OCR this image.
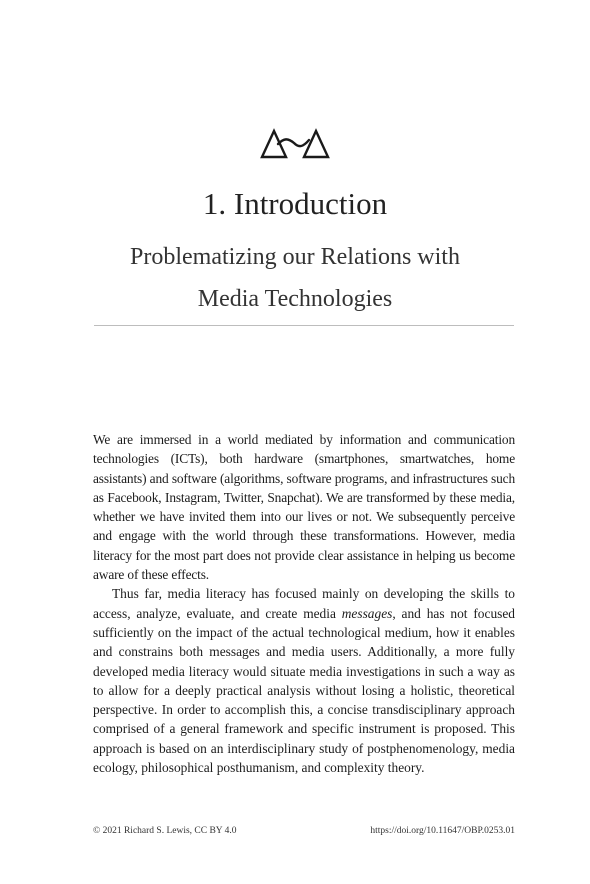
1. Introduction
Problematizing our Relations with
Media Technologies

We are immersed in a world mediated by information and communication technologies (ICTs), both hardware (smartphones, smartwatches, home assistants) and software (algorithms, software programs, and infrastructures such as Facebook, Instagram, Twitter, Snapchat). We are transformed by these media, whether we have invited them into our lives or not. We subsequently perceive and engage with the world through these transformations. However, media literacy for the most part does not provide clear assistance in helping us become aware of these effects.

Thus far, media literacy has focused mainly on developing the skills to access, analyze, evaluate, and create media messages, and has not focused sufficiently on the impact of the actual technological medium, how it enables and constrains both messages and media users. Additionally, a more fully developed media literacy would situate media investigations in such a way as to allow for a deeply practical analysis without losing a holistic, theoretical perspective. In order to accomplish this, a concise transdisciplinary approach comprised of a general framework and specific instrument is proposed. This approach is based on an interdisciplinary study of postphenomenology, media ecology, philosophical posthumanism, and complexity theory.

© 2021 Richard S. Lewis, CC BY 4.0	https://doi.org/10.11647/OBP.0253.01
